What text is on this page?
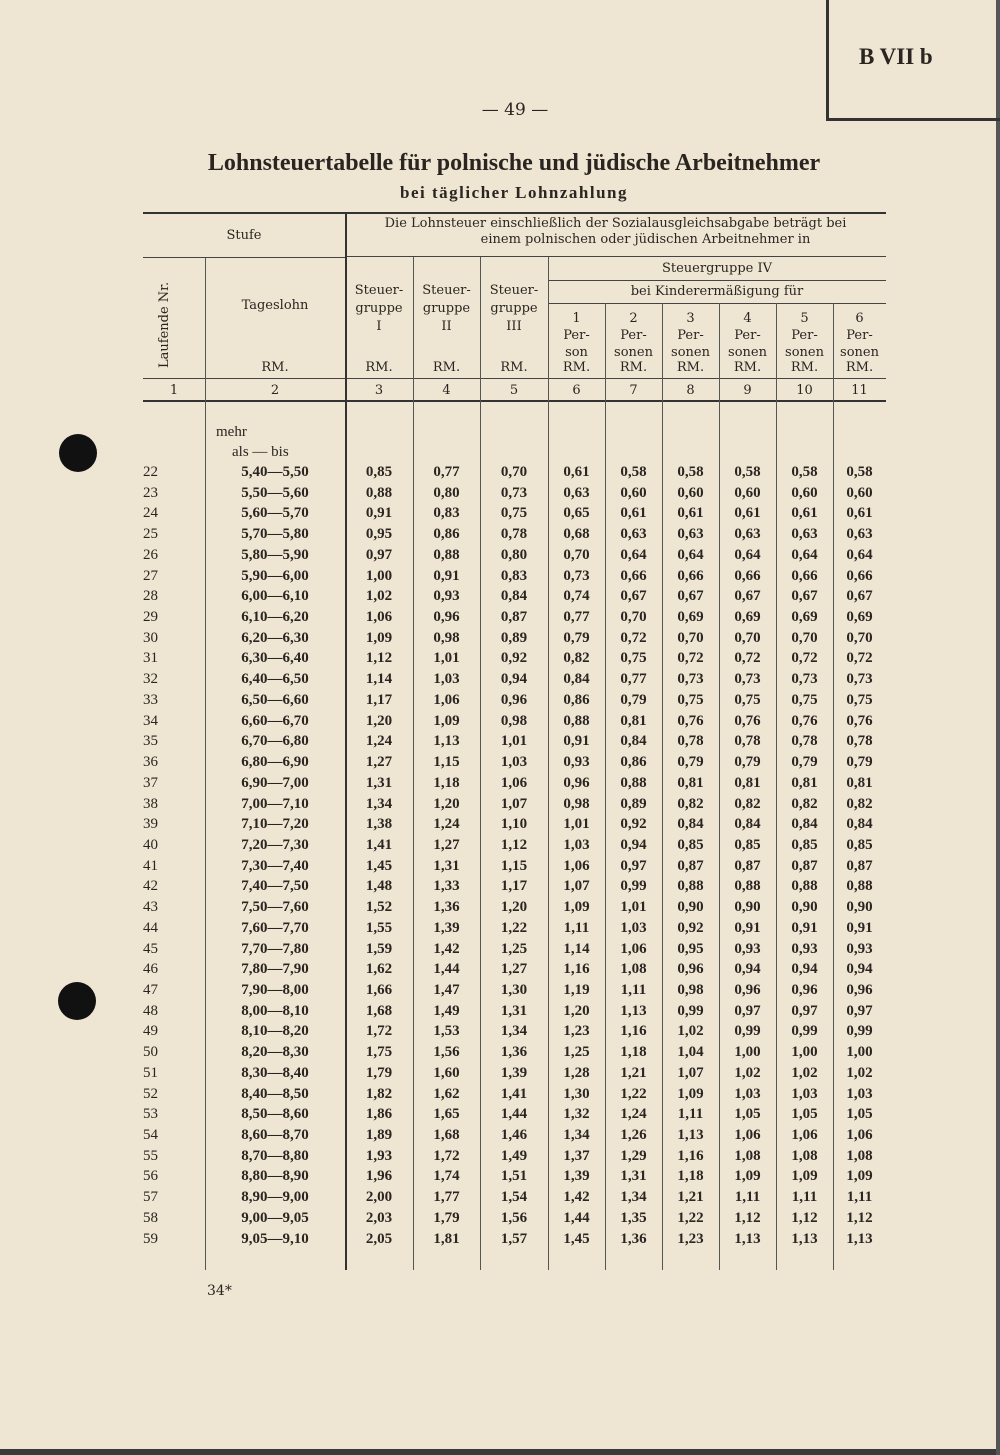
B VII b
— 49 —
Lohnsteuertabelle für polnische und jüdische Arbeitnehmer
bei täglicher Lohnzahlung
Stufe
Die Lohnsteuer einschließlich der Sozialausgleichsabgabe beträgt bei
einem polnischen oder jüdischen Arbeitnehmer in
Laufende Nr.	Tageslohn
RM.
Steuergruppe IV
bei Kinderermäßigung für
Steuer-
gruppe
I
RM.
Steuer-
gruppe
II
RM.
Steuer-
gruppe
III
RM.
1
Per-
son
RM.
2
Per-
sonen
RM.
3
Per-
sonen
RM.
4
Per-
sonen
RM.
5
Per-
sonen
RM.
6
Per-
sonen
RM.
1	2	3	4	5	6	7	8	9	10	11
mehr
als — bis
22	5,40—5,50	0,85	0,77	0,70	0,61	0,58	0,58	0,58	0,58	0,58
23	5,50—5,60	0,88	0,80	0,73	0,63	0,60	0,60	0,60	0,60	0,60
24	5,60—5,70	0,91	0,83	0,75	0,65	0,61	0,61	0,61	0,61	0,61
25	5,70—5,80	0,95	0,86	0,78	0,68	0,63	0,63	0,63	0,63	0,63
26	5,80—5,90	0,97	0,88	0,80	0,70	0,64	0,64	0,64	0,64	0,64
27	5,90—6,00	1,00	0,91	0,83	0,73	0,66	0,66	0,66	0,66	0,66
28	6,00—6,10	1,02	0,93	0,84	0,74	0,67	0,67	0,67	0,67	0,67
29	6,10—6,20	1,06	0,96	0,87	0,77	0,70	0,69	0,69	0,69	0,69
30	6,20—6,30	1,09	0,98	0,89	0,79	0,72	0,70	0,70	0,70	0,70
31	6,30—6,40	1,12	1,01	0,92	0,82	0,75	0,72	0,72	0,72	0,72
32	6,40—6,50	1,14	1,03	0,94	0,84	0,77	0,73	0,73	0,73	0,73
33	6,50—6,60	1,17	1,06	0,96	0,86	0,79	0,75	0,75	0,75	0,75
34	6,60—6,70	1,20	1,09	0,98	0,88	0,81	0,76	0,76	0,76	0,76
35	6,70—6,80	1,24	1,13	1,01	0,91	0,84	0,78	0,78	0,78	0,78
36	6,80—6,90	1,27	1,15	1,03	0,93	0,86	0,79	0,79	0,79	0,79
37	6,90—7,00	1,31	1,18	1,06	0,96	0,88	0,81	0,81	0,81	0,81
38	7,00—7,10	1,34	1,20	1,07	0,98	0,89	0,82	0,82	0,82	0,82
39	7,10—7,20	1,38	1,24	1,10	1,01	0,92	0,84	0,84	0,84	0,84
40	7,20—7,30	1,41	1,27	1,12	1,03	0,94	0,85	0,85	0,85	0,85
41	7,30—7,40	1,45	1,31	1,15	1,06	0,97	0,87	0,87	0,87	0,87
42	7,40—7,50	1,48	1,33	1,17	1,07	0,99	0,88	0,88	0,88	0,88
43	7,50—7,60	1,52	1,36	1,20	1,09	1,01	0,90	0,90	0,90	0,90
44	7,60—7,70	1,55	1,39	1,22	1,11	1,03	0,92	0,91	0,91	0,91
45	7,70—7,80	1,59	1,42	1,25	1,14	1,06	0,95	0,93	0,93	0,93
46	7,80—7,90	1,62	1,44	1,27	1,16	1,08	0,96	0,94	0,94	0,94
47	7,90—8,00	1,66	1,47	1,30	1,19	1,11	0,98	0,96	0,96	0,96
48	8,00—8,10	1,68	1,49	1,31	1,20	1,13	0,99	0,97	0,97	0,97
49	8,10—8,20	1,72	1,53	1,34	1,23	1,16	1,02	0,99	0,99	0,99
50	8,20—8,30	1,75	1,56	1,36	1,25	1,18	1,04	1,00	1,00	1,00
51	8,30—8,40	1,79	1,60	1,39	1,28	1,21	1,07	1,02	1,02	1,02
52	8,40—8,50	1,82	1,62	1,41	1,30	1,22	1,09	1,03	1,03	1,03
53	8,50—8,60	1,86	1,65	1,44	1,32	1,24	1,11	1,05	1,05	1,05
54	8,60—8,70	1,89	1,68	1,46	1,34	1,26	1,13	1,06	1,06	1,06
55	8,70—8,80	1,93	1,72	1,49	1,37	1,29	1,16	1,08	1,08	1,08
56	8,80—8,90	1,96	1,74	1,51	1,39	1,31	1,18	1,09	1,09	1,09
57	8,90—9,00	2,00	1,77	1,54	1,42	1,34	1,21	1,11	1,11	1,11
58	9,00—9,05	2,03	1,79	1,56	1,44	1,35	1,22	1,12	1,12	1,12
59	9,05—9,10	2,05	1,81	1,57	1,45	1,36	1,23	1,13	1,13	1,13
34*
